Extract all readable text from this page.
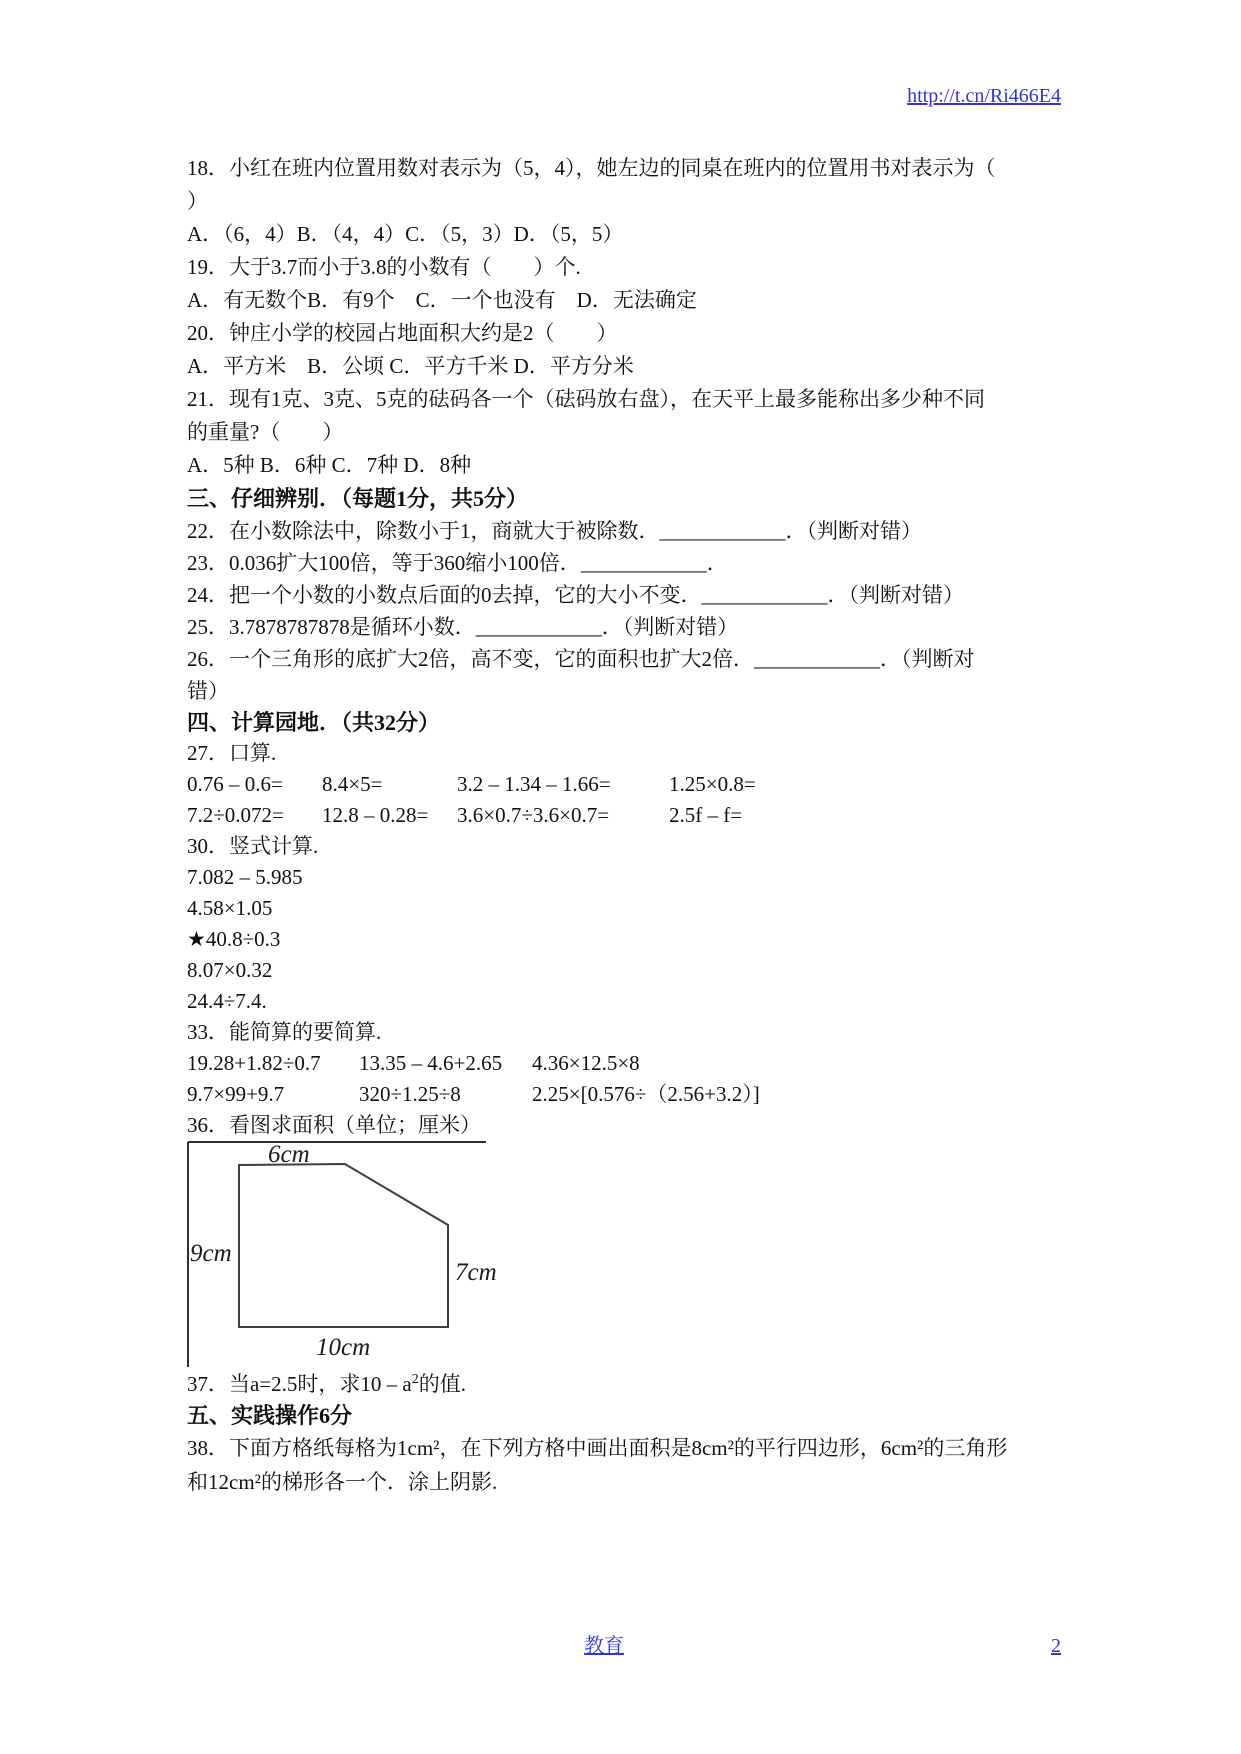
http://t.cn/Ri466E4

18．小红在班内位置用数对表示为（5，4），她左边的同桌在班内的位置用书对表示为（

）

A．（6，4）B．（4，4）C．（5，3）D．（5，5）

19．大于3.7而小于3.8的小数有（　　）个.

A．有无数个B．有9个　C．一个也没有　D．无法确定

20．钟庄小学的校园占地面积大约是2（　　）

A．平方米　B．公顷 C．平方千米 D．平方分米

21．现有1克、3克、5克的砝码各一个（砝码放右盘），在天平上最多能称出多少种不同

的重量?（　　）

A．5种 B．6种 C．7种 D．8种

三、仔细辨别．（每题1分，共5分）

22．在小数除法中，除数小于1，商就大于被除数．____________．（判断对错）

23．0.036扩大100倍，等于360缩小100倍．____________．

24．把一个小数的小数点后面的0去掉，它的大小不变．____________．（判断对错）

25．3.7878787878是循环小数．____________．（判断对错）

26．一个三角形的底扩大2倍，高不变，它的面积也扩大2倍．____________．（判断对

错）

四、计算园地．（共32分）

27．口算.

0.76 – 0.6=	8.4×5=	3.2 – 1.34 – 1.66=	1.25×0.8=
7.2÷0.072=	12.8 – 0.28=	3.6×0.7÷3.6×0.7=	2.5f – f=

30．竖式计算.

7.082 – 5.985

4.58×1.05

★40.8÷0.3

8.07×0.32

24.4÷7.4.

33．能简算的要简算.

19.28+1.82÷0.7	13.35 – 4.6+2.65	4.36×12.5×8
9.7×99+9.7	320÷1.25÷8	2.25×[0.576÷（2.56+3.2）]

36．看图求面积（单位；厘米）

6cm
9cm
7cm
10cm

37．当a=2.5时，求$10 - a^2$的值.

五、实践操作6分

38．下面方格纸每格为1cm²，在下列方格中画出面积是8cm²的平行四边形，6cm²的三角形

和12cm²的梯形各一个．涂上阴影.

教育	2
